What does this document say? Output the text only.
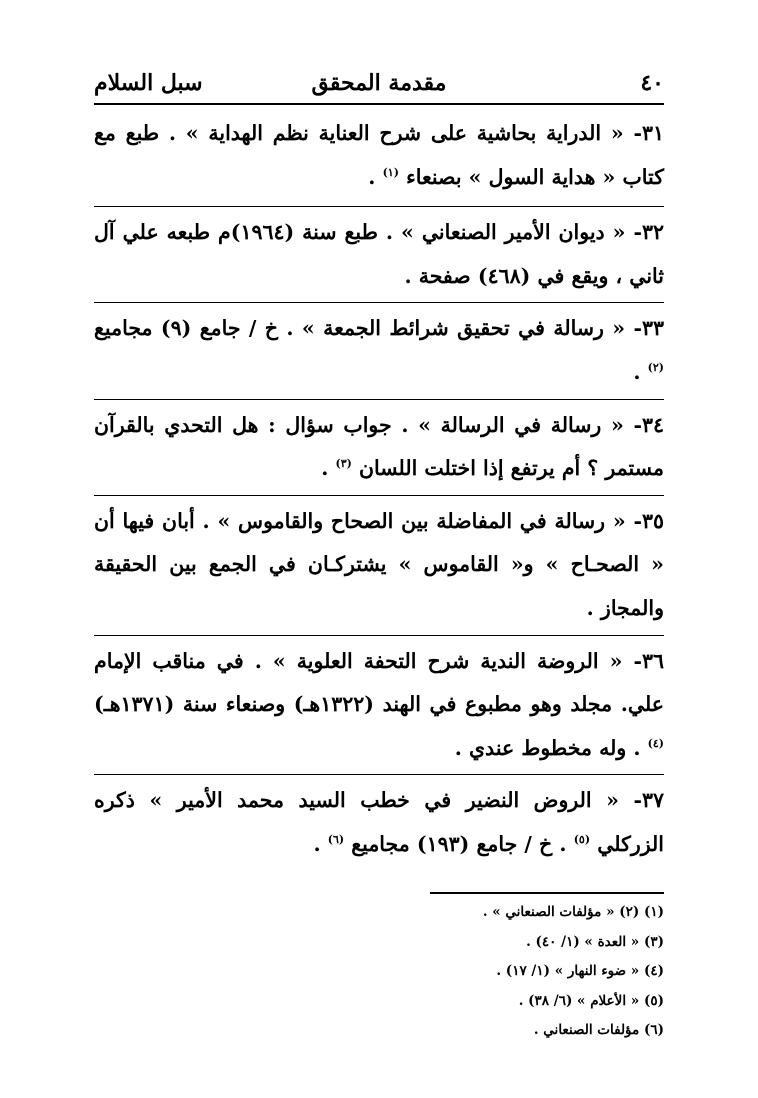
٤٠
مقدمة المحقق
سبل السلام

٣١- « الدراية بحاشية على شرح العناية نظم الهداية » . طبع مع كتاب « هداية السول » بصنعاء $^{(١)}$ .

٣٢- « ديوان الأمير الصنعاني » . طبع سنة (١٩٦٤)م طبعه علي آل ثاني ، ويقع في (٤٦٨) صفحة .

٣٣- « رسالة في تحقيق شرائط الجمعة » . خ / جامع (٩) مجاميع $^{(٢)}$ .

٣٤- « رسالة في الرسالة » . جواب سؤال : هل التحدي بالقرآن مستمر ؟ أم يرتفع إذا اختلت اللسان $^{(٣)}$ .

٣٥- « رسالة في المفاضلة بين الصحاح والقاموس » . أبان فيها أن « الصحـاح » و« القاموس » يشتركـان في الجمع بين الحقيقة والمجاز .

٣٦- « الروضة الندية شرح التحفة العلوية » . في مناقب الإمام علي. مجلد وهو مطبوع في الهند (١٣٢٢هـ) وصنعاء سنة (١٣٧١هـ) $^{(٤)}$ . وله مخطوط عندي .

٣٧- « الروض النضير في خطب السيد محمد الأمير » ذكره الزركلي $^{(٥)}$ . خ / جامع (١٩٣) مجاميع $^{(٦)}$ .

(١) (٢) « مؤلفات الصنعاني » .
(٣) « العدة » (١/ ٤٠) .
(٤) « ضوء النهار » (١/ ١٧) .
(٥) « الأعلام » (٦/ ٣٨) .
(٦) مؤلفات الصنعاني .
